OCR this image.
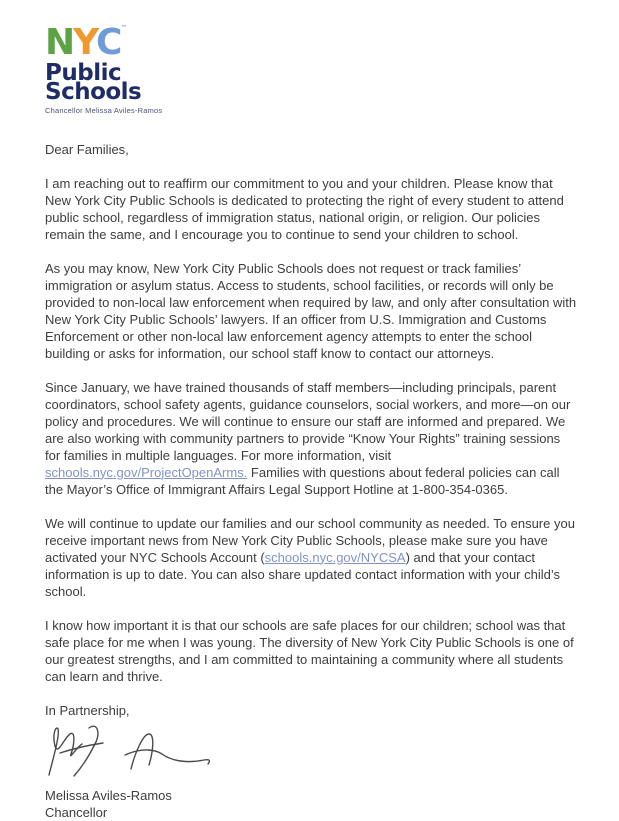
NYC™
Public
Schools
Chancellor Melissa Aviles-Ramos

Dear Families,

I am reaching out to reaffirm our commitment to you and your children. Please know that New York City Public Schools is dedicated to protecting the right of every student to attend public school, regardless of immigration status, national origin, or religion. Our policies remain the same, and I encourage you to continue to send your children to school.

As you may know, New York City Public Schools does not request or track families’ immigration or asylum status. Access to students, school facilities, or records will only be provided to non-local law enforcement when required by law, and only after consultation with New York City Public Schools’ lawyers. If an officer from U.S. Immigration and Customs Enforcement or other non-local law enforcement agency attempts to enter the school building or asks for information, our school staff know to contact our attorneys.

Since January, we have trained thousands of staff members—including principals, parent coordinators, school safety agents, guidance counselors, social workers, and more—on our policy and procedures. We will continue to ensure our staff are informed and prepared. We are also working with community partners to provide “Know Your Rights” training sessions for families in multiple languages. For more information, visit schools.nyc.gov/ProjectOpenArms. Families with questions about federal policies can call the Mayor’s Office of Immigrant Affairs Legal Support Hotline at 1-800-354-0365.

We will continue to update our families and our school community as needed. To ensure you receive important news from New York City Public Schools, please make sure you have activated your NYC Schools Account (schools.nyc.gov/NYCSA) and that your contact information is up to date. You can also share updated contact information with your child’s school.

I know how important it is that our schools are safe places for our children; school was that safe place for me when I was young. The diversity of New York City Public Schools is one of our greatest strengths, and I am committed to maintaining a community where all students can learn and thrive.

In Partnership,

Melissa Aviles-Ramos

Chancellor
